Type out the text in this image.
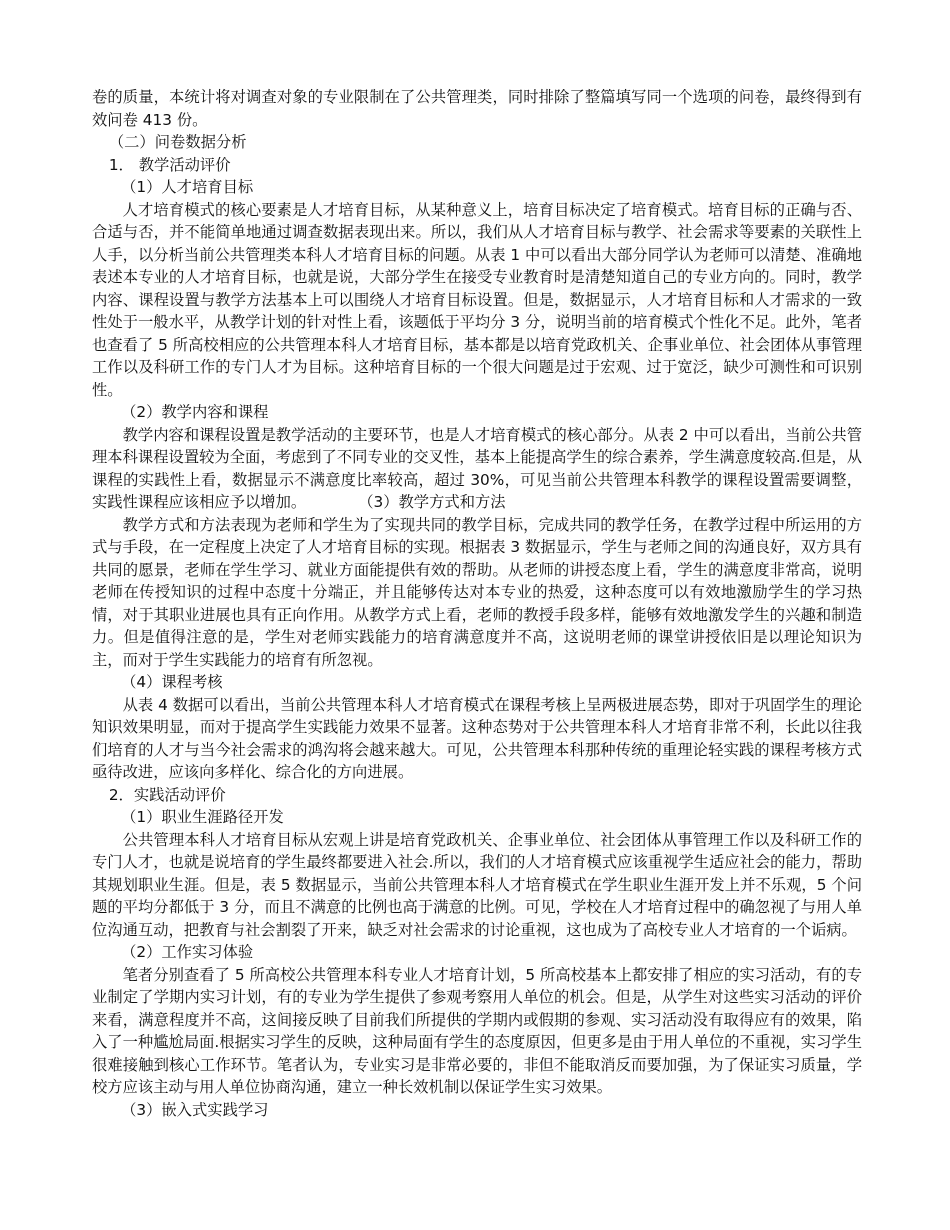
卷的质量，本统计将对调查对象的专业限制在了公共管理类，同时排除了整篇填写同一个选项的问卷，最终得到有效问卷 413 份。

（二）问卷数据分析

1． 教学活动评价

（1）人才培育目标

人才培育模式的核心要素是人才培育目标，从某种意义上，培育目标决定了培育模式。培育目标的正确与否、合适与否，并不能简单地通过调查数据表现出来。所以，我们从人才培育目标与教学、社会需求等要素的关联性上人手，以分析当前公共管理类本科人才培育目标的问题。从表 1 中可以看出大部分同学认为老师可以清楚、准确地表述本专业的人才培育目标，也就是说，大部分学生在接受专业教育时是清楚知道自己的专业方向的。同时，教学内容、课程设置与教学方法基本上可以围绕人才培育目标设置。但是，数据显示，人才培育目标和人才需求的一致性处于一般水平，从教学计划的针对性上看，该题低于平均分 3 分，说明当前的培育模式个性化不足。此外，笔者也查看了 5 所高校相应的公共管理本科人才培育目标，基本都是以培育党政机关、企事业单位、社会团体从事管理工作以及科研工作的专门人才为目标。这种培育目标的一个很大问题是过于宏观、过于宽泛，缺少可测性和可识别性。

（2）教学内容和课程

教学内容和课程设置是教学活动的主要环节，也是人才培育模式的核心部分。从表 2 中可以看出，当前公共管理本科课程设置较为全面，考虑到了不同专业的交叉性，基本上能提高学生的综合素养，学生满意度较高.但是，从课程的实践性上看，数据显示不满意度比率较高，超过 30%，可见当前公共管理本科教学的课程设置需要调整，实践性课程应该相应予以增加。	（3）教学方式和方法

教学方式和方法表现为老师和学生为了实现共同的教学目标，完成共同的教学任务，在教学过程中所运用的方式与手段，在一定程度上决定了人才培育目标的实现。根据表 3 数据显示，学生与老师之间的沟通良好，双方具有共同的愿景，老师在学生学习、就业方面能提供有效的帮助。从老师的讲授态度上看，学生的满意度非常高，说明老师在传授知识的过程中态度十分端正，并且能够传达对本专业的热爱，这种态度可以有效地激励学生的学习热情，对于其职业进展也具有正向作用。从教学方式上看，老师的教授手段多样，能够有效地激发学生的兴趣和制造力。但是值得注意的是，学生对老师实践能力的培育满意度并不高，这说明老师的课堂讲授依旧是以理论知识为主，而对于学生实践能力的培育有所忽视。

（4）课程考核

从表 4 数据可以看出，当前公共管理本科人才培育模式在课程考核上呈两极进展态势，即对于巩固学生的理论知识效果明显，而对于提高学生实践能力效果不显著。这种态势对于公共管理本科人才培育非常不利，长此以往我们培育的人才与当今社会需求的鸿沟将会越来越大。可见，公共管理本科那种传统的重理论轻实践的课程考核方式亟待改进，应该向多样化、综合化的方向进展。

2．实践活动评价

（1）职业生涯路径开发

公共管理本科人才培育目标从宏观上讲是培育党政机关、企事业单位、社会团体从事管理工作以及科研工作的专门人才，也就是说培育的学生最终都要进入社会.所以，我们的人才培育模式应该重视学生适应社会的能力，帮助其规划职业生涯。但是，表 5 数据显示，当前公共管理本科人才培育模式在学生职业生涯开发上并不乐观，5 个问题的平均分都低于 3 分，而且不满意的比例也高于满意的比例。可见，学校在人才培育过程中的确忽视了与用人单位沟通互动，把教育与社会割裂了开来，缺乏对社会需求的讨论重视，这也成为了高校专业人才培育的一个诟病。

（2）工作实习体验

笔者分别查看了 5 所高校公共管理本科专业人才培育计划，5 所高校基本上都安排了相应的实习活动，有的专业制定了学期内实习计划，有的专业为学生提供了参观考察用人单位的机会。但是，从学生对这些实习活动的评价来看，满意程度并不高，这间接反映了目前我们所提供的学期内或假期的参观、实习活动没有取得应有的效果，陷入了一种尴尬局面.根据实习学生的反映，这种局面有学生的态度原因，但更多是由于用人单位的不重视，实习学生很难接触到核心工作环节。笔者认为，专业实习是非常必要的，非但不能取消反而要加强，为了保证实习质量，学校方应该主动与用人单位协商沟通，建立一种长效机制以保证学生实习效果。

（3）嵌入式实践学习
